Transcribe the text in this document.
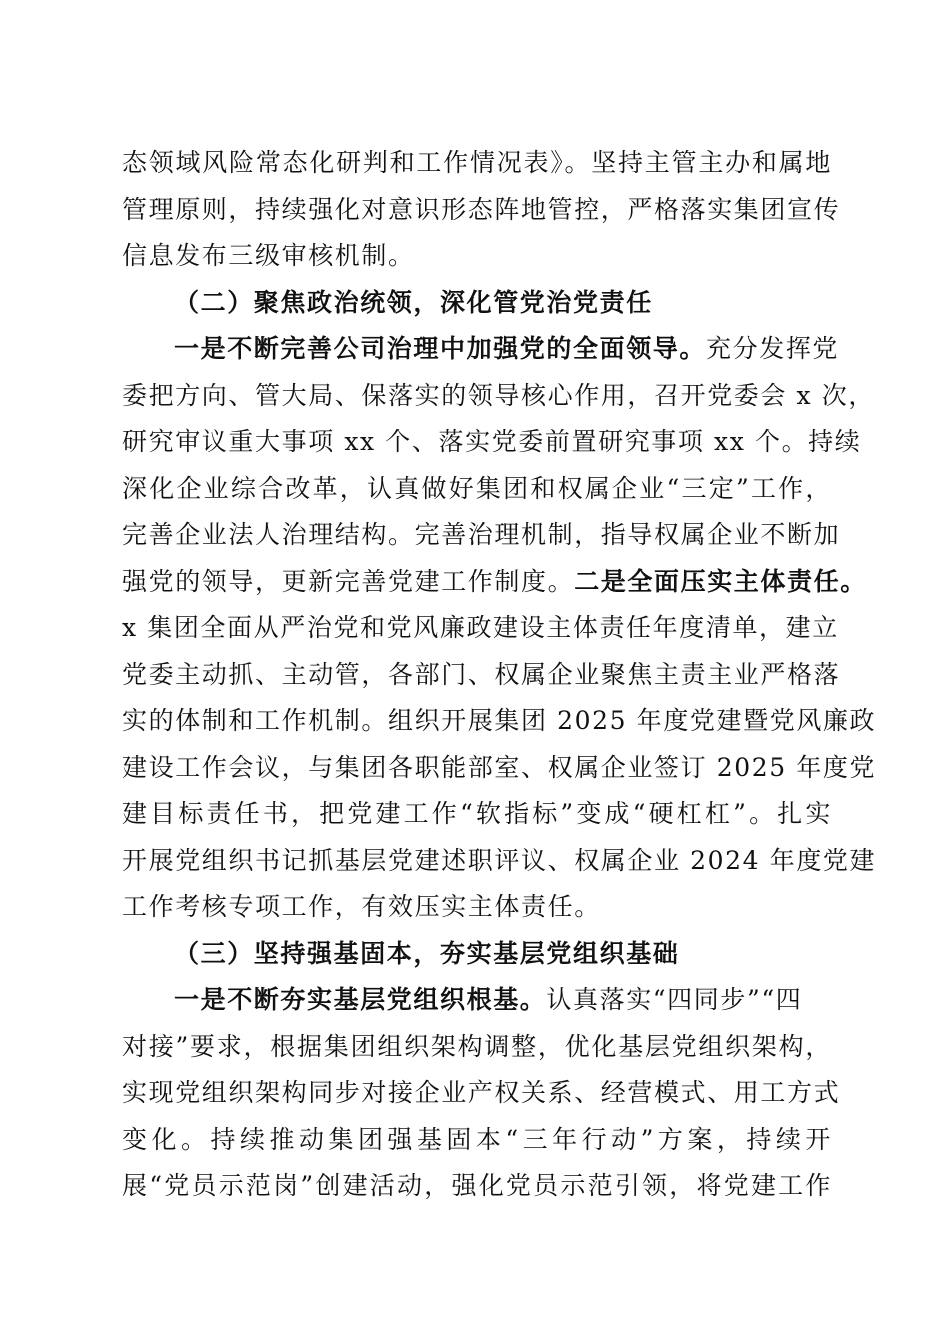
态领域风险常态化研判和工作情况表》。坚持主管主办和属地
管理原则，持续强化对意识形态阵地管控，严格落实集团宣传
信息发布三级审核机制。
（二）聚焦政治统领，深化管党治党责任
一是不断完善公司治理中加强党的全面领导。充分发挥党
委把方向、管大局、保落实的领导核心作用，召开党委会 x 次，
研究审议重大事项 xx 个、落实党委前置研究事项 xx 个。持续
深化企业综合改革，认真做好集团和权属企业“三定”工作，
完善企业法人治理结构。完善治理机制，指导权属企业不断加
强党的领导，更新完善党建工作制度。二是全面压实主体责任。
x 集团全面从严治党和党风廉政建设主体责任年度清单，建立
党委主动抓、主动管，各部门、权属企业聚焦主责主业严格落
实的体制和工作机制。组织开展集团 2025 年度党建暨党风廉政
建设工作会议，与集团各职能部室、权属企业签订 2025 年度党
建目标责任书，把党建工作“软指标”变成“硬杠杠”。扎实
开展党组织书记抓基层党建述职评议、权属企业 2024 年度党建
工作考核专项工作，有效压实主体责任。
（三）坚持强基固本，夯实基层党组织基础
一是不断夯实基层党组织根基。认真落实“四同步”“四
对接”要求，根据集团组织架构调整，优化基层党组织架构，
实现党组织架构同步对接企业产权关系、经营模式、用工方式
变化。持续推动集团强基固本“三年行动”方案，持续开
展“党员示范岗”创建活动，强化党员示范引领，将党建工作
